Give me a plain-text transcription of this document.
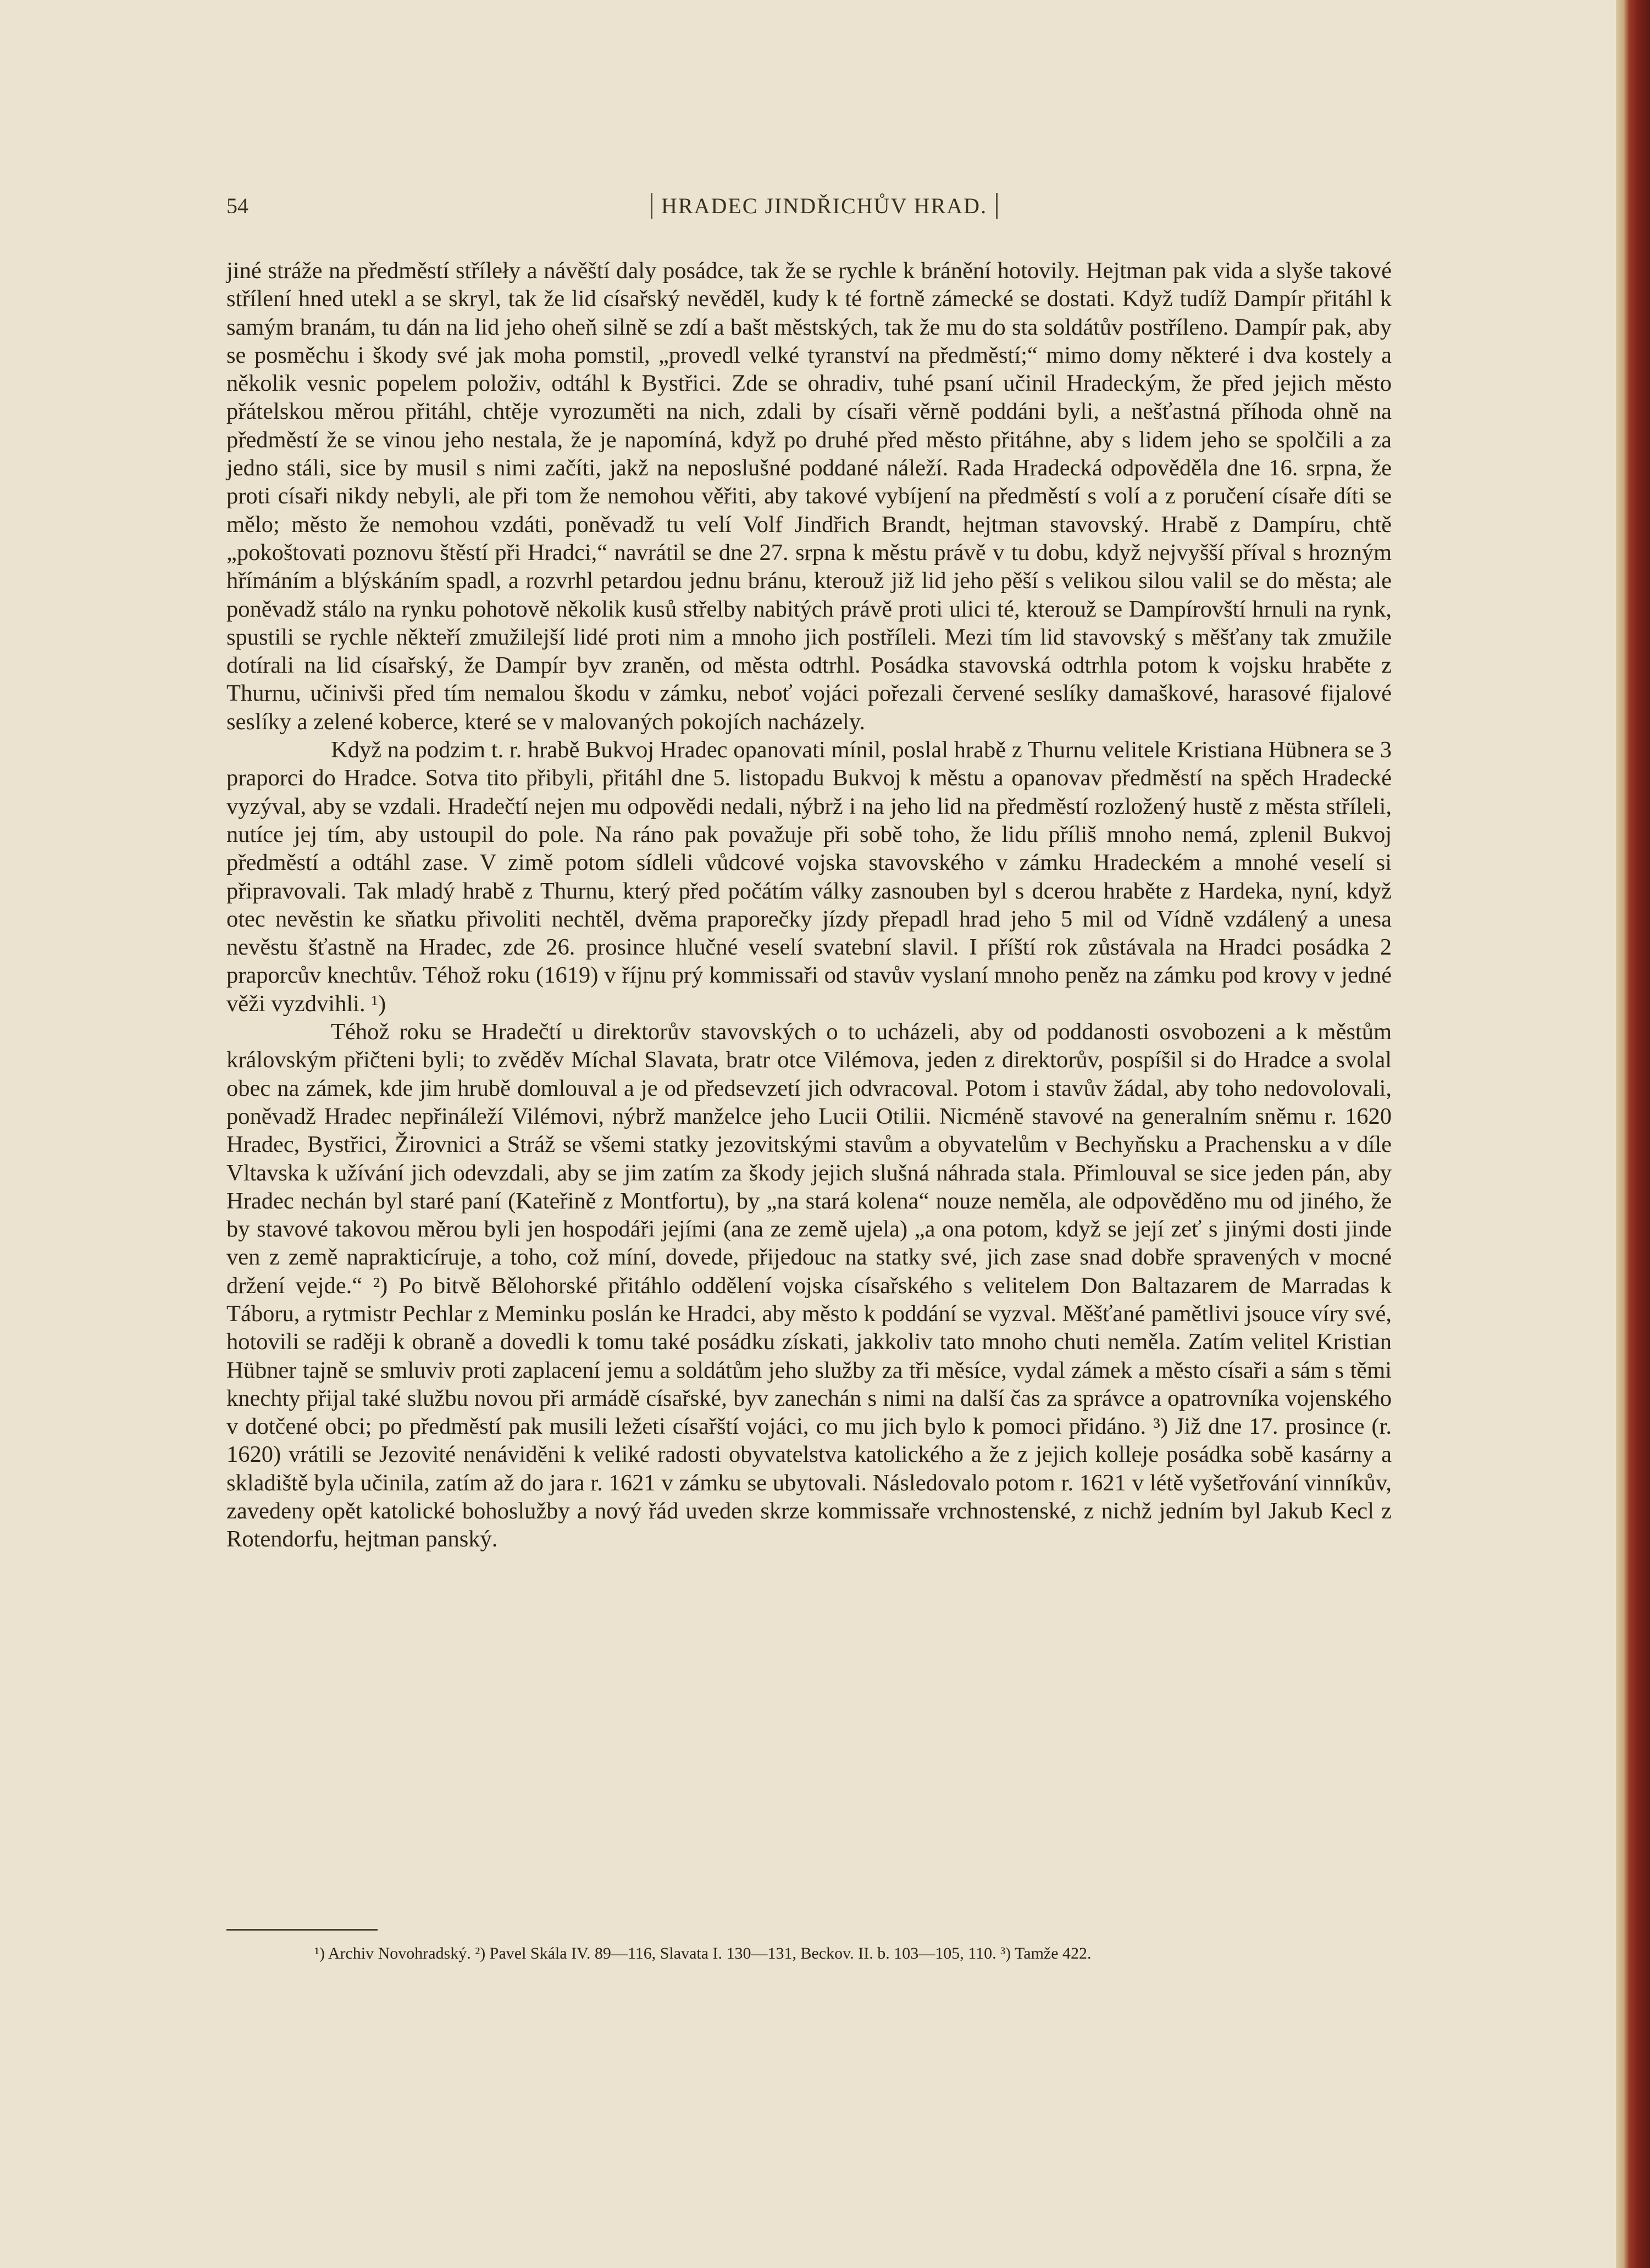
54	HRADEC JINDŘICHŮV HRAD.

jiné stráže na předměstí stříleły a návěští daly posádce, tak že se rychle k bránění hotovily. Hejtman pak vida a slyše takové střílení hned utekl a se skryl, tak že lid císařský nevěděl, kudy k té fortně zámecké se dostati. Když tudíž Dampír přitáhl k samým branám, tu dán na lid jeho oheň silně se zdí a bašt městských, tak že mu do sta soldátův postříleno. Dampír pak, aby se posměchu i škody své jak moha pomstil, „provedl velké tyranství na předměstí;“ mimo domy některé i dva kostely a několik vesnic popelem položiv, odtáhl k Bystřici. Zde se ohradiv, tuhé psaní učinil Hradeckým, že před jejich město přátelskou měrou přitáhl, chtěje vyrozuměti na nich, zdali by císaři věrně poddáni byli, a nešťastná příhoda ohně na předměstí že se vinou jeho nestala, že je napomíná, když po druhé před město přitáhne, aby s lidem jeho se spolčili a za jedno stáli, sice by musil s nimi začíti, jakž na neposlušné poddané náleží. Rada Hradecká odpověděla dne 16. srpna, že proti císaři nikdy nebyli, ale při tom že nemohou věřiti, aby takové vybíjení na předměstí s volí a z poručení císaře díti se mělo; město že nemohou vzdáti, poněvadž tu velí Volf Jindřich Brandt, hejtman stavovský. Hrabě z Dampíru, chtě „pokoštovati poznovu štěstí při Hradci,“ navrátil se dne 27. srpna k městu právě v tu dobu, když nejvyšší příval s hrozným hřímáním a blýskáním spadl, a rozvrhl petardou jednu bránu, kterouž již lid jeho pěší s velikou silou valil se do města; ale poněvadž stálo na rynku pohotově několik kusů střelby nabitých právě proti ulici té, kterouž se Dampírovští hrnuli na rynk, spustili se rychle někteří zmužilejší lidé proti nim a mnoho jich postříleli. Mezi tím lid stavovský s měšťany tak zmužile dotírali na lid císařský, že Dampír byv zraněn, od města odtrhl. Posádka stavovská odtrhla potom k vojsku hraběte z Thurnu, učinivši před tím nemalou škodu v zámku, neboť vojáci pořezali červené seslíky damaškové, harasové fijalové seslíky a zelené koberce, které se v malovaných pokojích nacházely.

Když na podzim t. r. hrabě Bukvoj Hradec opanovati mínil, poslal hrabě z Thurnu velitele Kristiana Hübnera se 3 praporci do Hradce. Sotva tito přibyli, přitáhl dne 5. listopadu Bukvoj k městu a opanovav předměstí na spěch Hradecké vyzýval, aby se vzdali. Hradečtí nejen mu odpovědi nedali, nýbrž i na jeho lid na předměstí rozložený hustě z města stříleli, nutíce jej tím, aby ustoupil do pole. Na ráno pak považuje při sobě toho, že lidu příliš mnoho nemá, zplenil Bukvoj předměstí a odtáhl zase. V zimě potom sídleli vůdcové vojska stavovského v zámku Hradeckém a mnohé veselí si připravovali. Tak mladý hrabě z Thurnu, který před počátím války zasnouben byl s dcerou hraběte z Hardeka, nyní, když otec nevěstin ke sňatku přivoliti nechtěl, dvěma praporečky jízdy přepadl hrad jeho 5 mil od Vídně vzdálený a unesa nevěstu šťastně na Hradec, zde 26. prosince hlučné veselí svatební slavil. I příští rok zůstávala na Hradci posádka 2 praporcův knechtův. Téhož roku (1619) v říjnu prý kommissaři od stavův vyslaní mnoho peněz na zámku pod krovy v jedné věži vyzdvihli. ¹)

Téhož roku se Hradečtí u direktorův stavovských o to ucházeli, aby od poddanosti osvobozeni a k městům královským přičteni byli; to zvěděv Míchal Slavata, bratr otce Vilémova, jeden z direktorův, pospíšil si do Hradce a svolal obec na zámek, kde jim hrubě domlouval a je od předsevzetí jich odvracoval. Potom i stavův žádal, aby toho nedovolovali, poněvadž Hradec nepřináleží Vilémovi, nýbrž manželce jeho Lucii Otilii. Nicméně stavové na generalním sněmu r. 1620 Hradec, Bystřici, Žirovnici a Stráž se všemi statky jezovitskými stavům a obyvatelům v Bechyňsku a Prachensku a v díle Vltavska k užívání jich odevzdali, aby se jim zatím za škody jejich slušná náhrada stala. Přimlouval se sice jeden pán, aby Hradec nechán byl staré paní (Kateřině z Montfortu), by „na stará kolena“ nouze neměla, ale odpověděno mu od jiného, že by stavové takovou měrou byli jen hospodáři jejími (ana ze země ujela) „a ona potom, když se její zeť s jinými dosti jinde ven z země naprakticíruje, a toho, což míní, dovede, přijedouc na statky své, jich zase snad dobře spravených v mocné držení vejde.“ ²) Po bitvě Bělohorské přitáhlo oddělení vojska císařského s velitelem Don Baltazarem de Marradas k Táboru, a rytmistr Pechlar z Meminku poslán ke Hradci, aby město k poddání se vyzval. Měšťané pamětlivi jsouce víry své, hotovili se raději k obraně a dovedli k tomu také posádku získati, jakkoliv tato mnoho chuti neměla. Zatím velitel Kristian Hübner tajně se smluviv proti zaplacení jemu a soldátům jeho služby za tři měsíce, vydal zámek a město císaři a sám s těmi knechty přijal také službu novou při armádě císařské, byv zanechán s nimi na další čas za správce a opatrovníka vojenského v dotčené obci; po předměstí pak musili ležeti císařští vojáci, co mu jich bylo k pomoci přidáno. ³) Již dne 17. prosince (r. 1620) vrátili se Jezovité nenáviděni k veliké radosti obyvatelstva katolického a že z jejich kolleje posádka sobě kasárny a skladiště byla učinila, zatím až do jara r. 1621 v zámku se ubytovali. Následovalo potom r. 1621 v létě vyšetřování vinníkův, zavedeny opět katolické bohoslužby a nový řád uveden skrze kommissaře vrchnostenské, z nichž jedním byl Jakub Kecl z Rotendorfu, hejtman panský.

¹) Archiv Novohradský. ²) Pavel Skála IV. 89—116, Slavata I. 130—131, Beckov. II. b. 103—105, 110. ³) Tamže 422.
